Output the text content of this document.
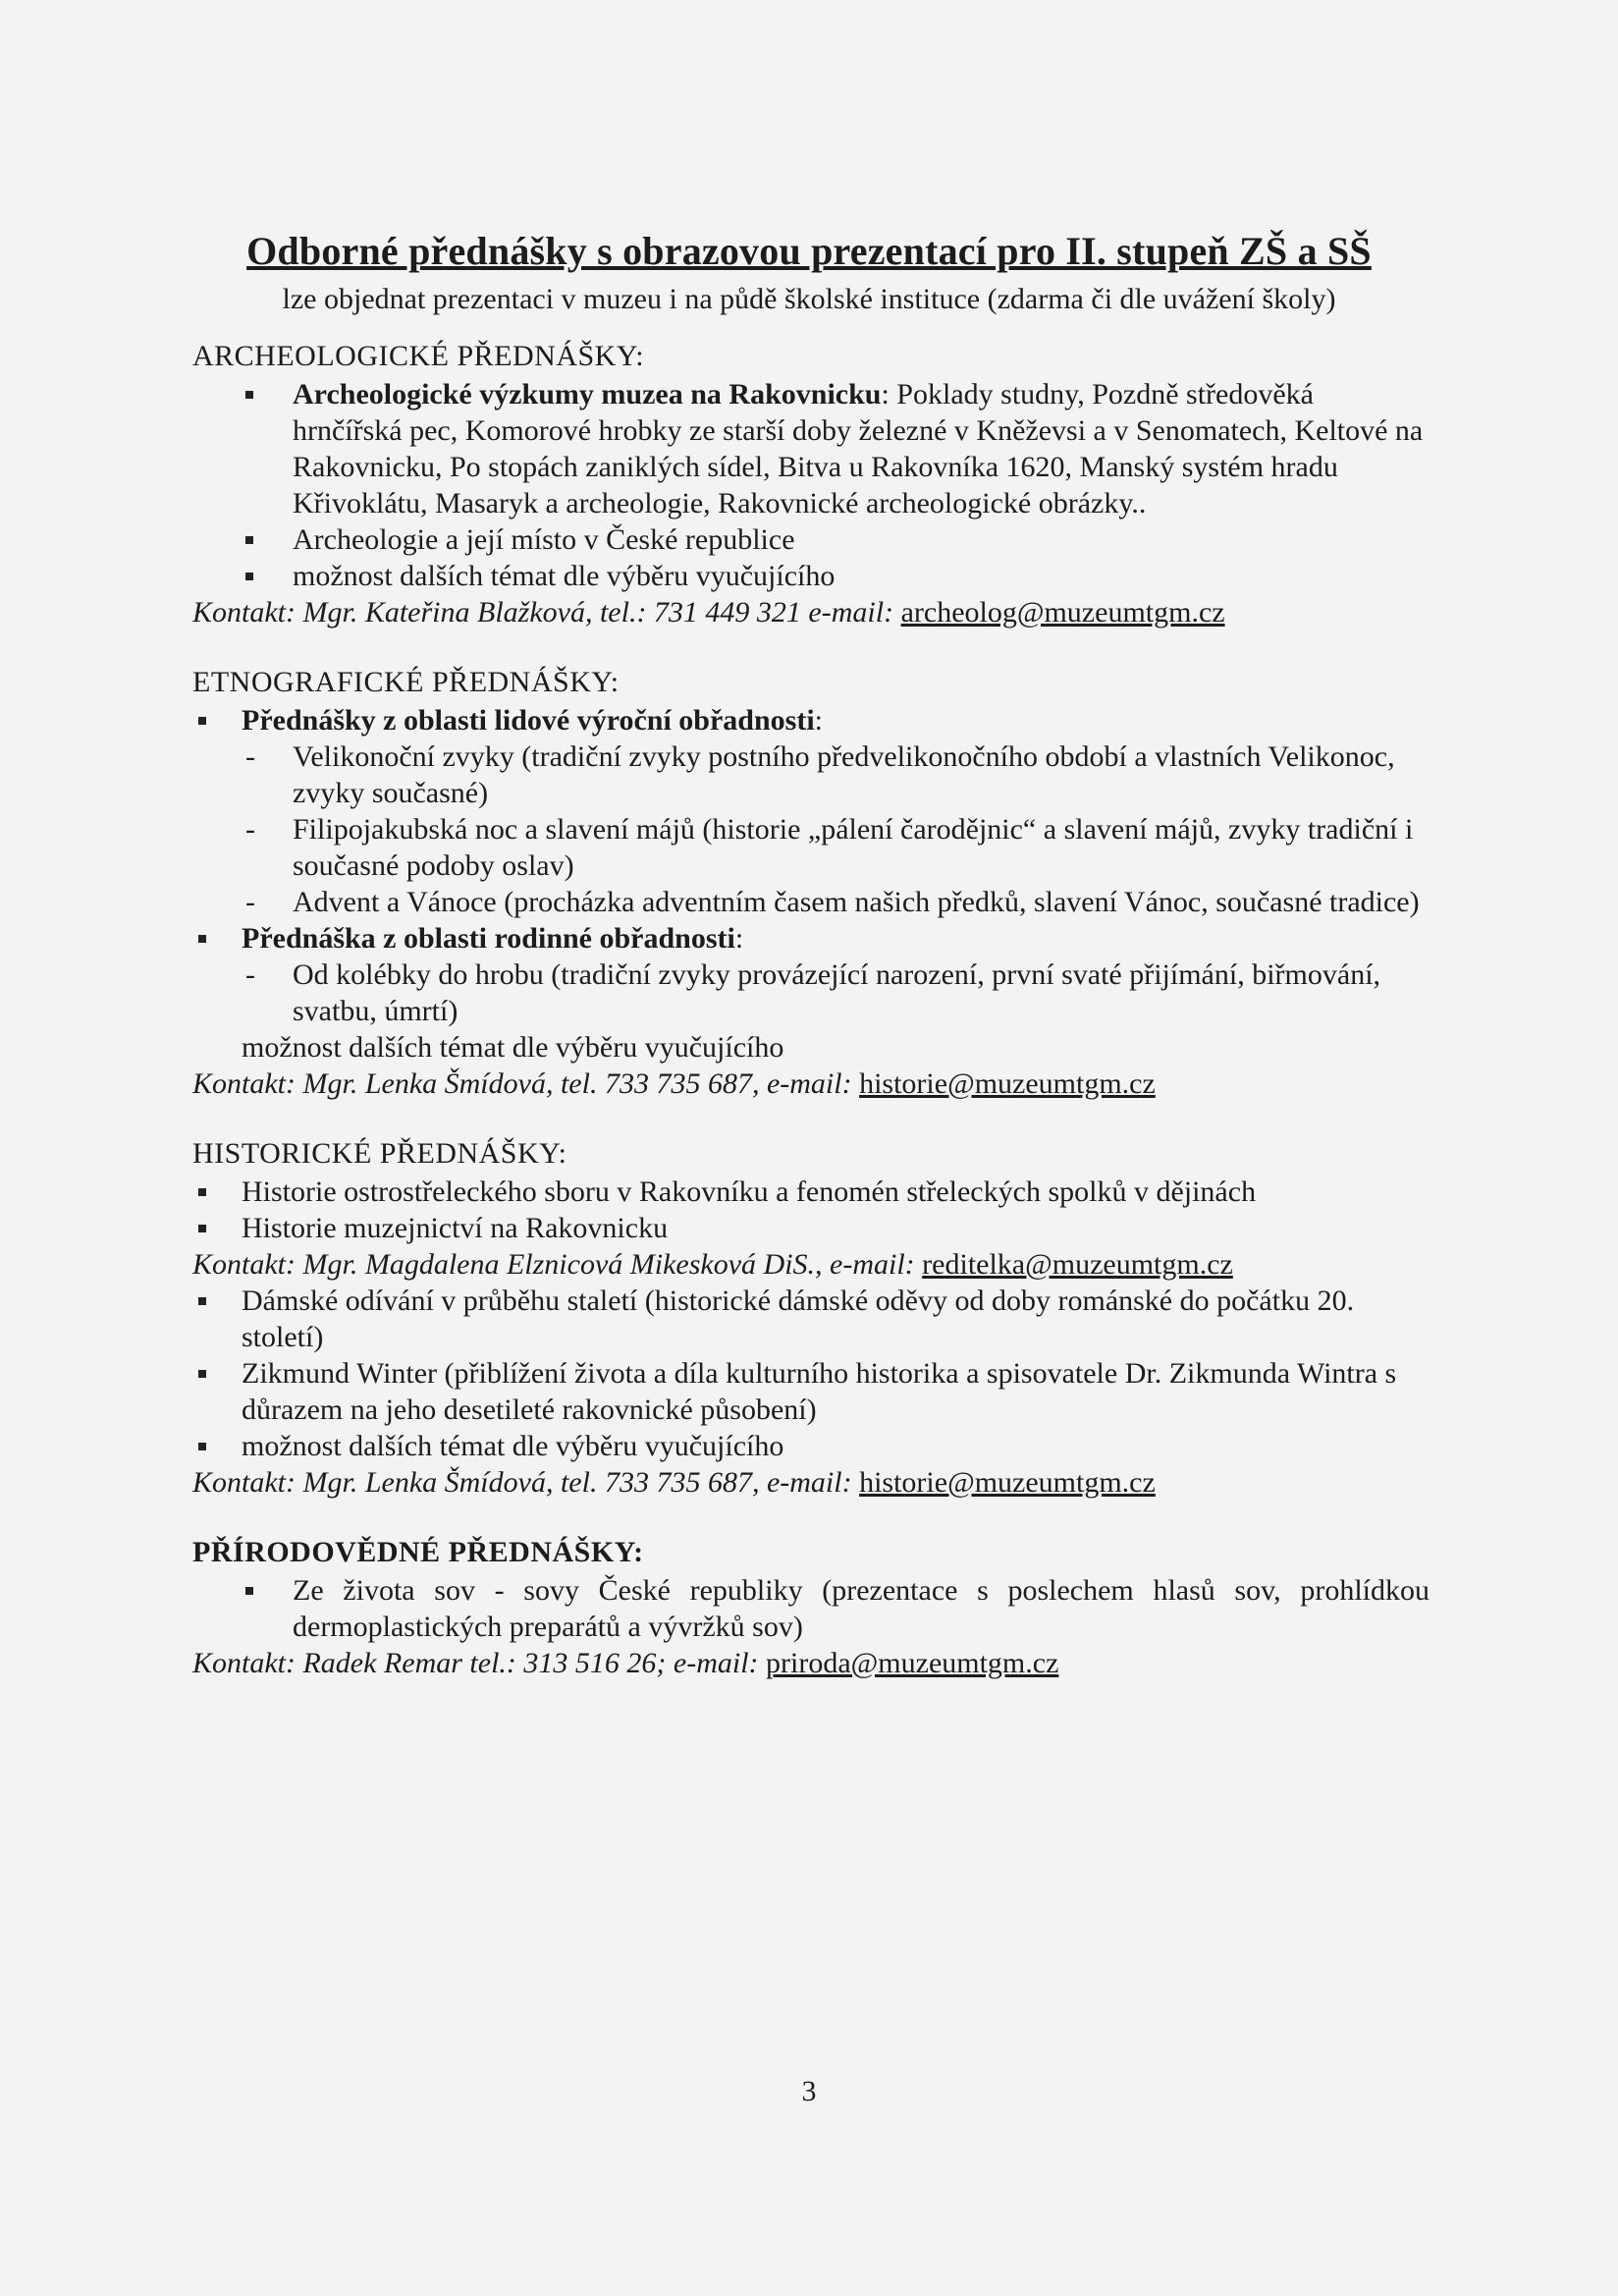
Odborné přednášky s obrazovou prezentací pro II. stupeň ZŠ a SŠ
lze objednat prezentaci v muzeu i na půdě školské instituce (zdarma či dle uvážení školy)
ARCHEOLOGICKÉ PŘEDNÁŠKY:
Archeologické výzkumy muzea na Rakovnicku: Poklady studny, Pozdně středověká hrnčířská pec, Komorové hrobky ze starší doby železné v Kněževsi a v Senomatech, Keltové na Rakovnicku, Po stopách zaniklých sídel, Bitva u Rakovníka 1620, Manský systém hradu Křivoklátu, Masaryk a archeologie, Rakovnické archeologické obrázky..
Archeologie a její místo v České republice
možnost dalších témat dle výběru vyučujícího
Kontakt: Mgr. Kateřina Blažková, tel.: 731 449 321 e-mail: archeolog@muzeumtgm.cz
ETNOGRAFICKÉ PŘEDNÁŠKY:
Přednášky z oblasti lidové výroční obřadnosti:
-	Velikonoční zvyky (tradiční zvyky postního předvelikonočního období a vlastních Velikonoc, zvyky současné)
-	Filipojakubská noc a slavení májů (historie „pálení čarodějnic“ a slavení májů, zvyky tradiční i současné podoby oslav)
-	Advent a Vánoce (procházka adventním časem našich předků, slavení Vánoc, současné tradice)
Přednáška z oblasti rodinné obřadnosti:
-	Od kolébky do hrobu (tradiční zvyky provázející narození, první svaté přijímání, biřmování, svatbu, úmrtí)
možnost dalších témat dle výběru vyučujícího
Kontakt: Mgr. Lenka Šmídová, tel. 733 735 687, e-mail: historie@muzeumtgm.cz
HISTORICKÉ PŘEDNÁŠKY:
Historie ostrostřeleckého sboru v Rakovníku a fenomén střeleckých spolků v dějinách
Historie muzejnictví na Rakovnicku
Kontakt: Mgr. Magdalena Elznicová Mikesková DiS., e-mail: reditelka@muzeumtgm.cz
Dámské odívání v průběhu staletí (historické dámské oděvy od doby románské do počátku 20. století)
Zikmund Winter (přiblížení života a díla kulturního historika a spisovatele Dr. Zikmunda Wintra s důrazem na jeho desetileté rakovnické působení)
možnost dalších témat dle výběru vyučujícího
Kontakt: Mgr. Lenka Šmídová, tel. 733 735 687, e-mail: historie@muzeumtgm.cz
PŘÍRODOVĚDNÉ PŘEDNÁŠKY:
Ze života sov - sovy České republiky (prezentace s poslechem hlasů sov, prohlídkou dermoplastických preparátů a vývržků sov)
Kontakt: Radek Remar tel.: 313 516 26; e-mail: priroda@muzeumtgm.cz
3
